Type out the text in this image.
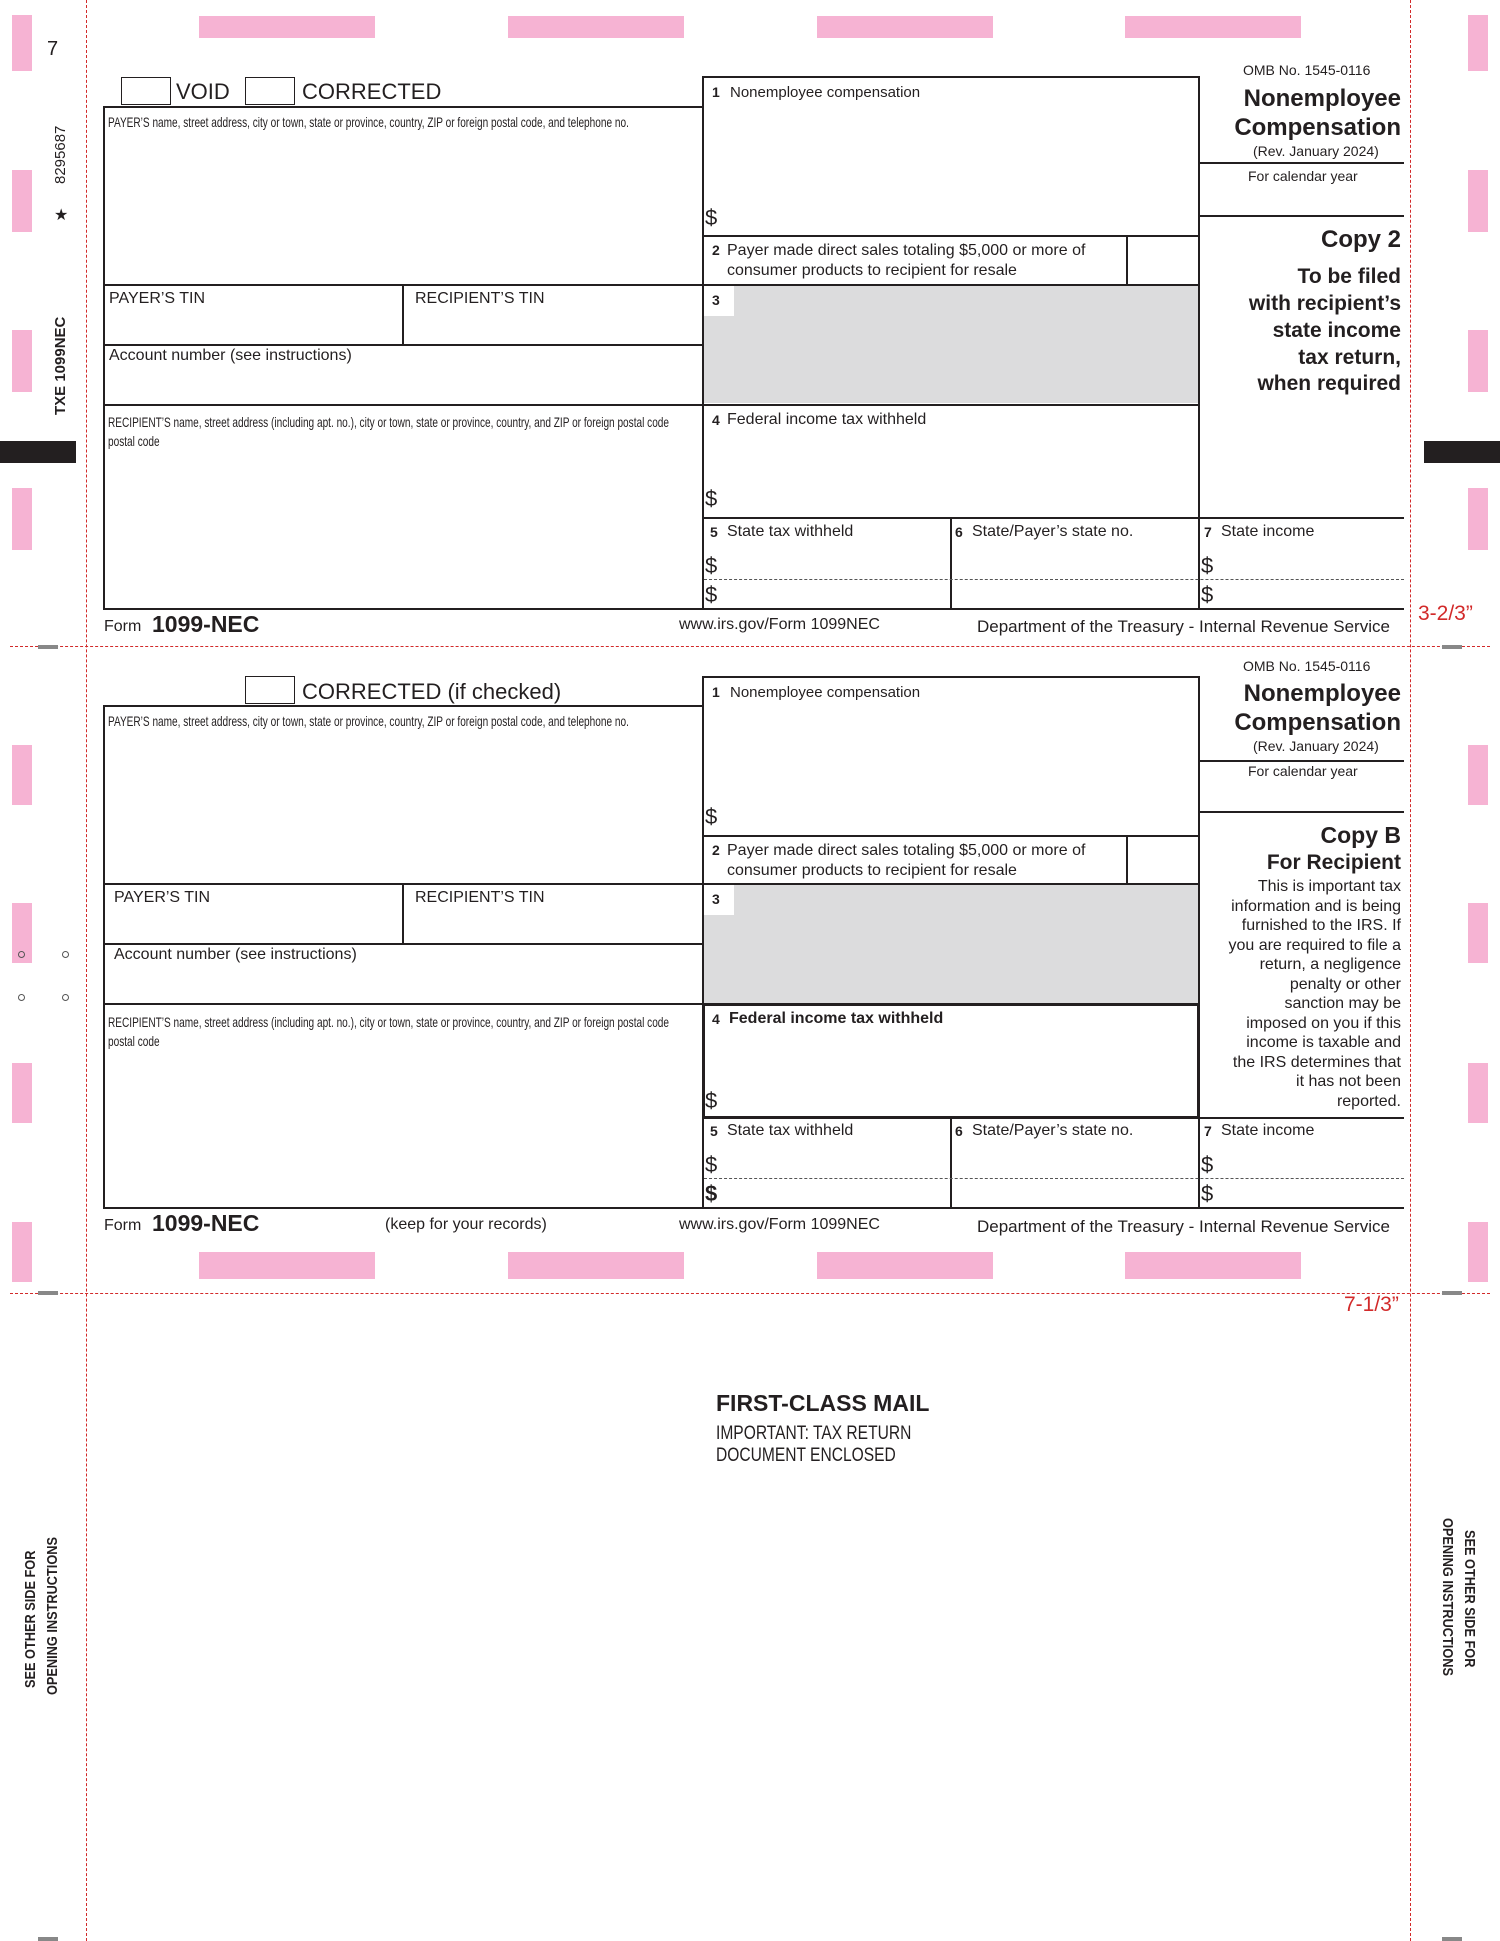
7
8295687
★
TXE 1099NEC
SEE OTHER SIDE FOR OPENING INSTRUCTIONS	SEE OTHER SIDE FOR
OPENING INSTRUCTIONS
3-2/3”
7-1/3”
VOID	CORRECTED
PAYER’S name, street address, city or town, state or province, country, ZIP or foreign postal code, and telephone no.
PAYER’S TIN	RECIPIENT’S TIN
Account number (see instructions)
RECIPIENT’S name, street address (including apt. no.), city or town, state or province, country, and ZIP or foreign postal code
postal code
1 Nonemployee compensation
$
2 Payer made direct sales totaling $5,000 or more of
consumer products to recipient for resale
3
4 Federal income tax withheld
$
5 State tax withheld
$
$
6 State/Payer’s state no.	7 State income
$
$
OMB No. 1545-0116
Nonemployee
Compensation
(Rev. January 2024)
For calendar year
Copy 2
To be filed
with recipient’s
state income
tax return,
when required
Form 1099-NEC	www.irs.gov/Form 1099NEC	Department of the Treasury - Internal Revenue Service
CORRECTED (if checked)
PAYER’S name, street address, city or town, state or province, country, ZIP or foreign postal code, and telephone no.
PAYER’S TIN	RECIPIENT’S TIN
Account number (see instructions)
RECIPIENT’S name, street address (including apt. no.), city or town, state or province, country, and ZIP or foreign postal code
postal code
1 Nonemployee compensation
$
2 Payer made direct sales totaling $5,000 or more of
consumer products to recipient for resale
3
4 Federal income tax withheld
$
5 State tax withheld
$
$
6 State/Payer’s state no.	7 State income
$
$
OMB No. 1545-0116
Nonemployee
Compensation
(Rev. January 2024)
For calendar year
Copy B
For Recipient
This is important tax
information and is being
furnished to the IRS. If
you are required to file a
return, a negligence
penalty or other
sanction may be
imposed on you if this
income is taxable and
the IRS determines that
it has not been
reported.
Form 1099-NEC	(keep for your records)	www.irs.gov/Form 1099NEC	Department of the Treasury - Internal Revenue Service
FIRST-CLASS MAIL
IMPORTANT: TAX RETURN
DOCUMENT ENCLOSED
